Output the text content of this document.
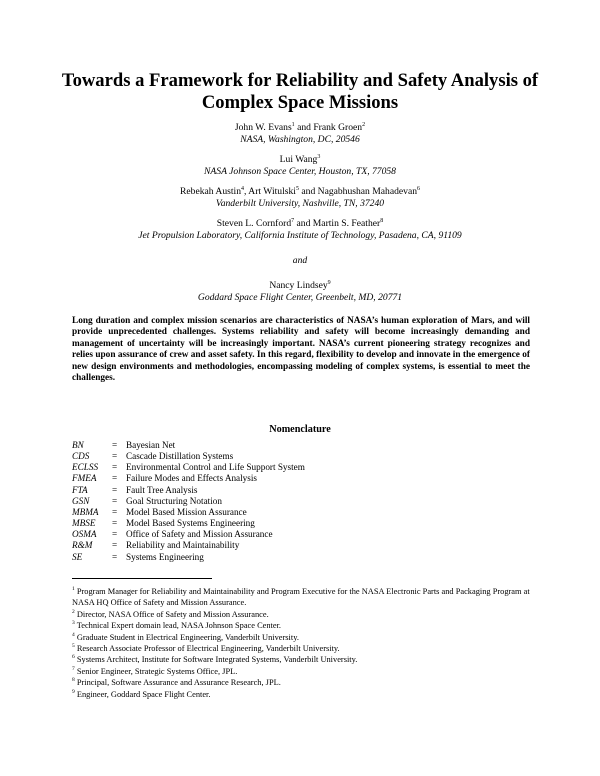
Towards a Framework for Reliability and Safety Analysis of
Complex Space Missions
John W. Evans$^1$ and Frank Groen$^2$
NASA, Washington, DC, 20546
Lui Wang$^3$
NASA Johnson Space Center, Houston, TX, 77058
Rebekah Austin$^4$, Art Witulski$^5$ and Nagabhushan Mahadevan$^6$
Vanderbilt University, Nashville, TN, 37240
Steven L. Cornford$^7$ and Martin S. Feather$^8$
Jet Propulsion Laboratory, California Institute of Technology, Pasadena, CA, 91109
and
Nancy Lindsey$^9$
Goddard Space Flight Center, Greenbelt, MD, 20771
Long duration and complex mission scenarios are characteristics of NASA’s human exploration of Mars, and will provide unprecedented challenges. Systems reliability and safety will become increasingly demanding and management of uncertainty will be increasingly important. NASA’s current pioneering strategy recognizes and relies upon assurance of crew and asset safety. In this regard, flexibility to develop and innovate in the emergence of new design environments and methodologies, encompassing modeling of complex systems, is essential to meet the challenges.
Nomenclature
BN	= Bayesian Net
CDS	= Cascade Distillation Systems
ECLSS	= Environmental Control and Life Support System
FMEA	= Failure Modes and Effects Analysis
FTA	= Fault Tree Analysis
GSN	= Goal Structuring Notation
MBMA	= Model Based Mission Assurance
MBSE	= Model Based Systems Engineering
OSMA	= Office of Safety and Mission Assurance
R&M	= Reliability and Maintainability
SE	= Systems Engineering

$^1$ Program Manager for Reliability and Maintainability and Program Executive for the NASA Electronic Parts and Packaging Program at NASA HQ Office of Safety and Mission Assurance.

$^2$ Director, NASA Office of Safety and Mission Assurance.

$^3$ Technical Expert domain lead, NASA Johnson Space Center.

$^4$ Graduate Student in Electrical Engineering, Vanderbilt University.

$^5$ Research Associate Professor of Electrical Engineering, Vanderbilt University.

$^6$ Systems Architect, Institute for Software Integrated Systems, Vanderbilt University.

$^7$ Senior Engineer, Strategic Systems Office, JPL.

$^8$ Principal, Software Assurance and Assurance Research, JPL.

$^9$ Engineer, Goddard Space Flight Center.
